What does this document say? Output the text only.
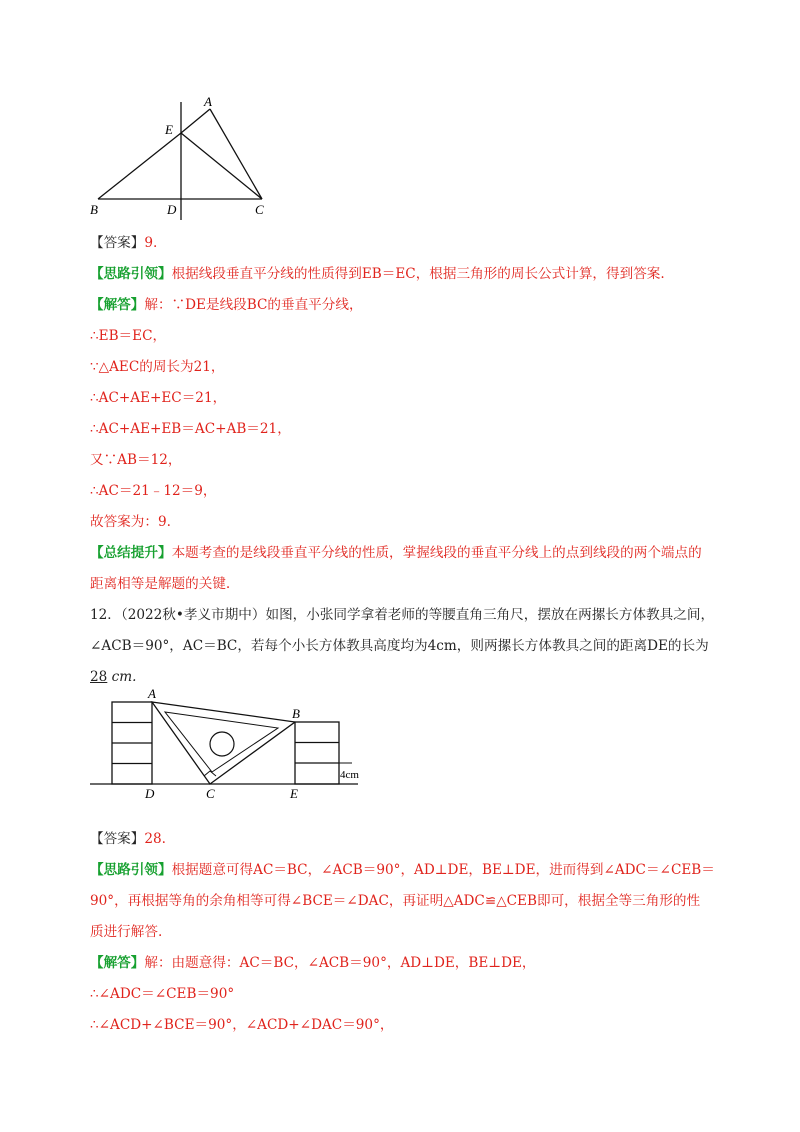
A
E
B	D	C
【答案】9.
【思路引领】根据线段垂直平分线的性质得到EB＝EC，根据三角形的周长公式计算，得到答案.
【解答】解：∵DE是线段BC的垂直平分线，
∴EB＝EC，
∵△AEC的周长为21，
∴AC+AE+EC＝21，
∴AC+AE+EB＝AC+AB＝21，
又∵AB＝12，
∴AC＝21﹣12＝9，
故答案为：9.
【总结提升】本题考查的是线段垂直平分线的性质，掌握线段的垂直平分线上的点到线段的两个端点的
距离相等是解题的关键.
12．（2022秋•孝义市期中）如图，小张同学拿着老师的等腰直角三角尺，摆放在两摞长方体教具之间，
∠ACB＝90°，AC＝BC，若每个小长方体教具高度均为4cm，则两摞长方体教具之间的距离DE的长为
28 cm.
A
B
D	C	E
4cm
【答案】28.
【思路引领】根据题意可得AC＝BC，∠ACB＝90°，AD⊥DE，BE⊥DE，进而得到∠ADC＝∠CEB＝
90°，再根据等角的余角相等可得∠BCE＝∠DAC，再证明△ADC≌△CEB即可，根据全等三角形的性
质进行解答.
【解答】解：由题意得：AC＝BC，∠ACB＝90°，AD⊥DE，BE⊥DE，
∴∠ADC＝∠CEB＝90°
∴∠ACD+∠BCE＝90°，∠ACD+∠DAC＝90°，
